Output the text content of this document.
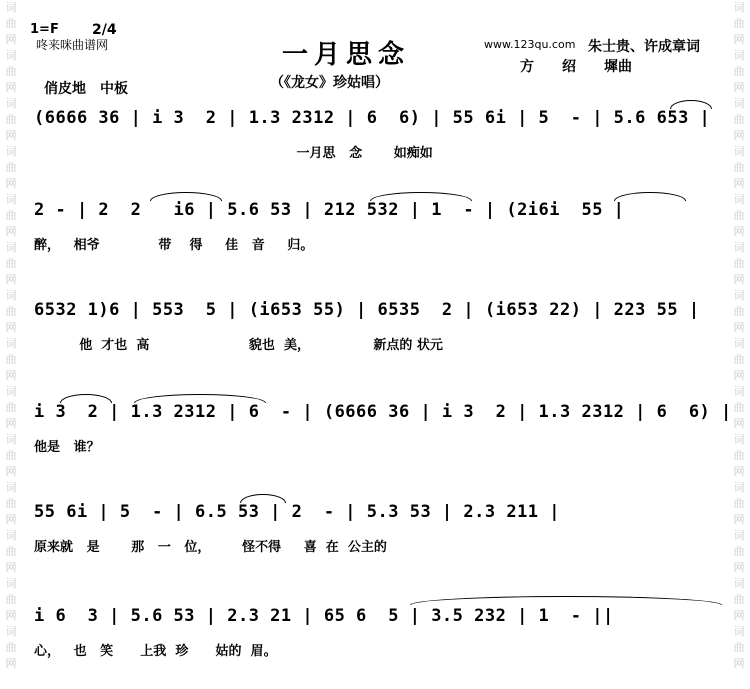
词
曲
网
词
曲
网
词
曲
网
词
曲
网
词
曲
网
词
曲
网
词
曲
网
词
曲
网
词
曲
网
词
曲
网
词
曲
网
词
曲
网
词
曲
网
词
曲
网
词
曲
网
词
曲
网
词
曲
网
词
曲
网
词
曲
网
词
曲
网
词
曲
网
词
曲
网
词
曲
网
词
曲
网
词
曲
网
词
曲
网
词
曲
网
词
曲
网
咚来咪曲谱网
1=F 2/4
一月思念	www.123qu.com 朱士贵、许成章词
方　　绍　　墀曲
俏皮地　中板	（《龙女》珍姑唱）
(6666 36 | i 3  2 | 1.3 2312 | 6  6) | 55 6i | 5  - | 5.6 653 |
一月思   念       如痴如
2 - | 2  2   i6 | 5.6 53 | 212 532 | 1  - | (2i6i  55 |
醉，   相爷             带    得     佳   音     归。
6532 1)6 | 553  5 | (i653 55) | 6535  2 | (i653 22) | 223 55 |
他  才也  高                      貌也  美，              新点的 状元
i 3  2 | 1.3 2312 | 6  - | (6666 36 | i 3  2 | 1.3 2312 | 6  6) |
他是   谁？
55 6i | 5  - | 6.5 53 | 2  - | 5.3 53 | 2.3 211 |
原来就   是       那   一   位，       怪不得     喜  在  公主的
i 6  3 | 5.6 53 | 2.3 21 | 65 6  5 | 3.5 232 | 1  - ||
心，   也   笑      上我  珍      姑的  眉。
